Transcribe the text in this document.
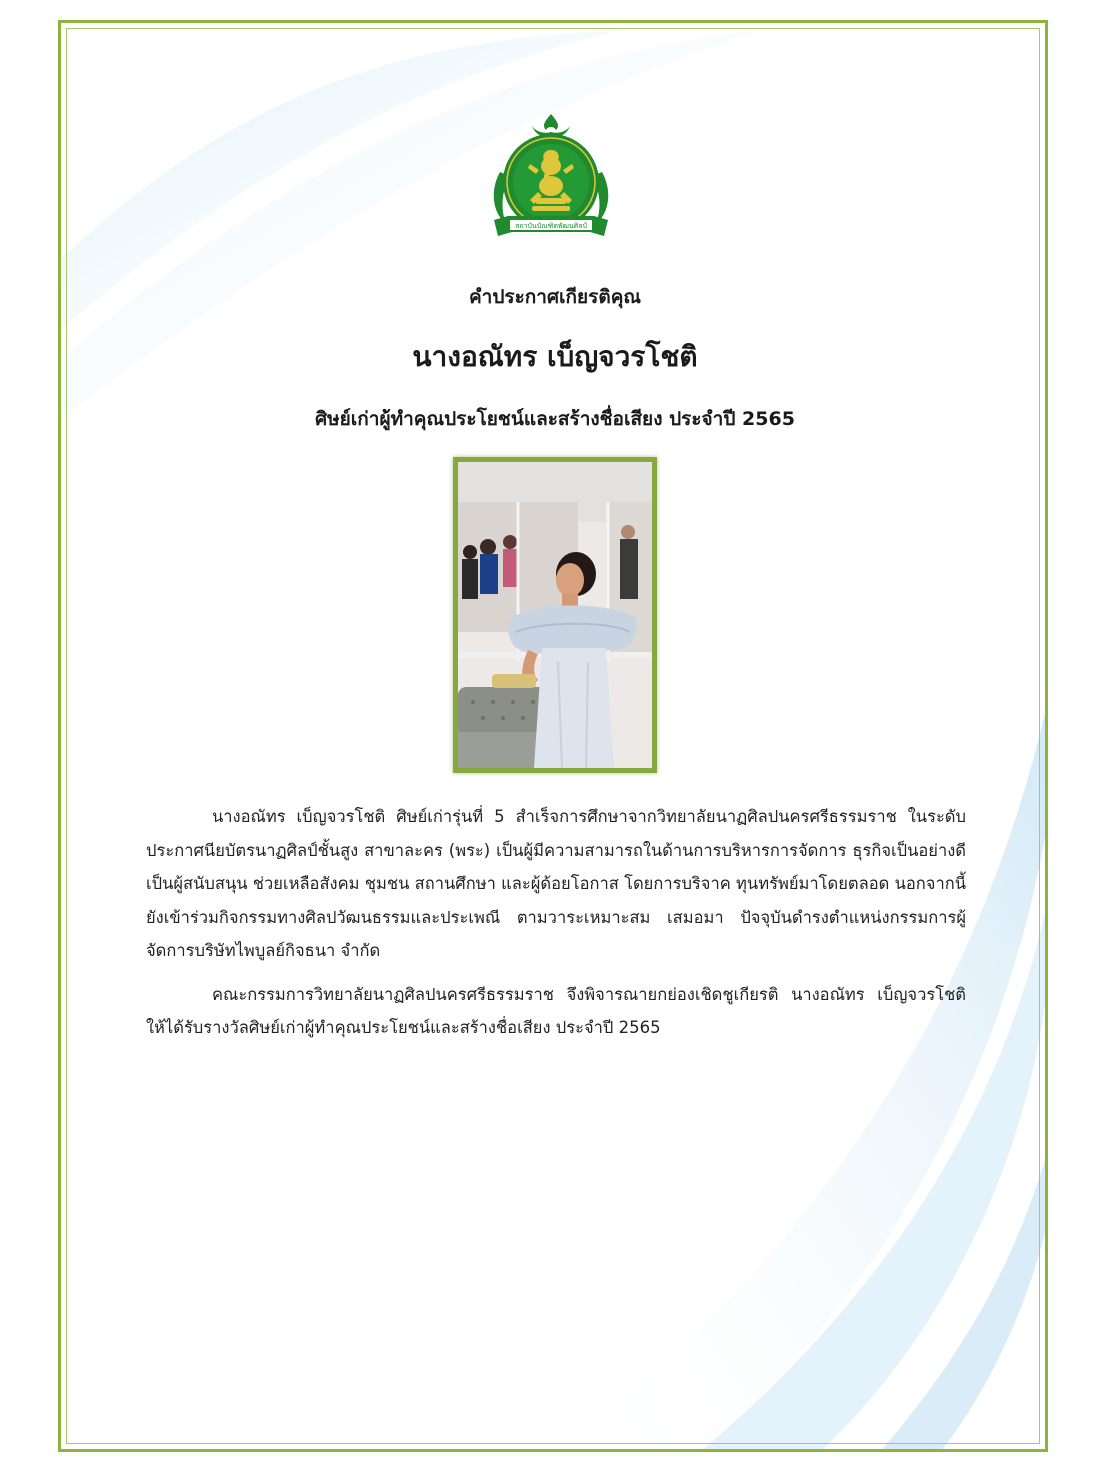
สถาบันบัณฑิตพัฒนศิลป์
คำประกาศเกียรติคุณ
นางอณัทร เบ็ญจวรโชติ
ศิษย์เก่าผู้ทำคุณประโยชน์และสร้างชื่อเสียง ประจำปี 2565

นางอณัทร เบ็ญจวรโชติ ศิษย์เก่ารุ่นที่ 5 สำเร็จการศึกษาจากวิทยาลัยนาฏศิลปนครศรีธรรมราช ในระดับประกาศนียบัตรนาฏศิลป์ชั้นสูง สาขาละคร (พระ) เป็นผู้มีความสามารถในด้านการบริหารการจัดการ ธุรกิจเป็นอย่างดี เป็นผู้สนับสนุน ช่วยเหลือสังคม ชุมชน สถานศึกษา และผู้ด้อยโอกาส โดยการบริจาค ทุนทรัพย์มาโดยตลอด นอกจากนี้ยังเข้าร่วมกิจกรรมทางศิลปวัฒนธรรมและประเพณี ตามวาระเหมาะสม เสมอมา ปัจจุบันดำรงตำแหน่งกรรมการผู้จัดการบริษัทไพบูลย์กิจธนา จำกัด

คณะกรรมการวิทยาลัยนาฏศิลปนครศรีธรรมราช จึงพิจารณายกย่องเชิดชูเกียรติ นางอณัทร เบ็ญจวรโชติ ให้ได้รับรางวัลศิษย์เก่าผู้ทำคุณประโยชน์และสร้างชื่อเสียง ประจำปี 2565
